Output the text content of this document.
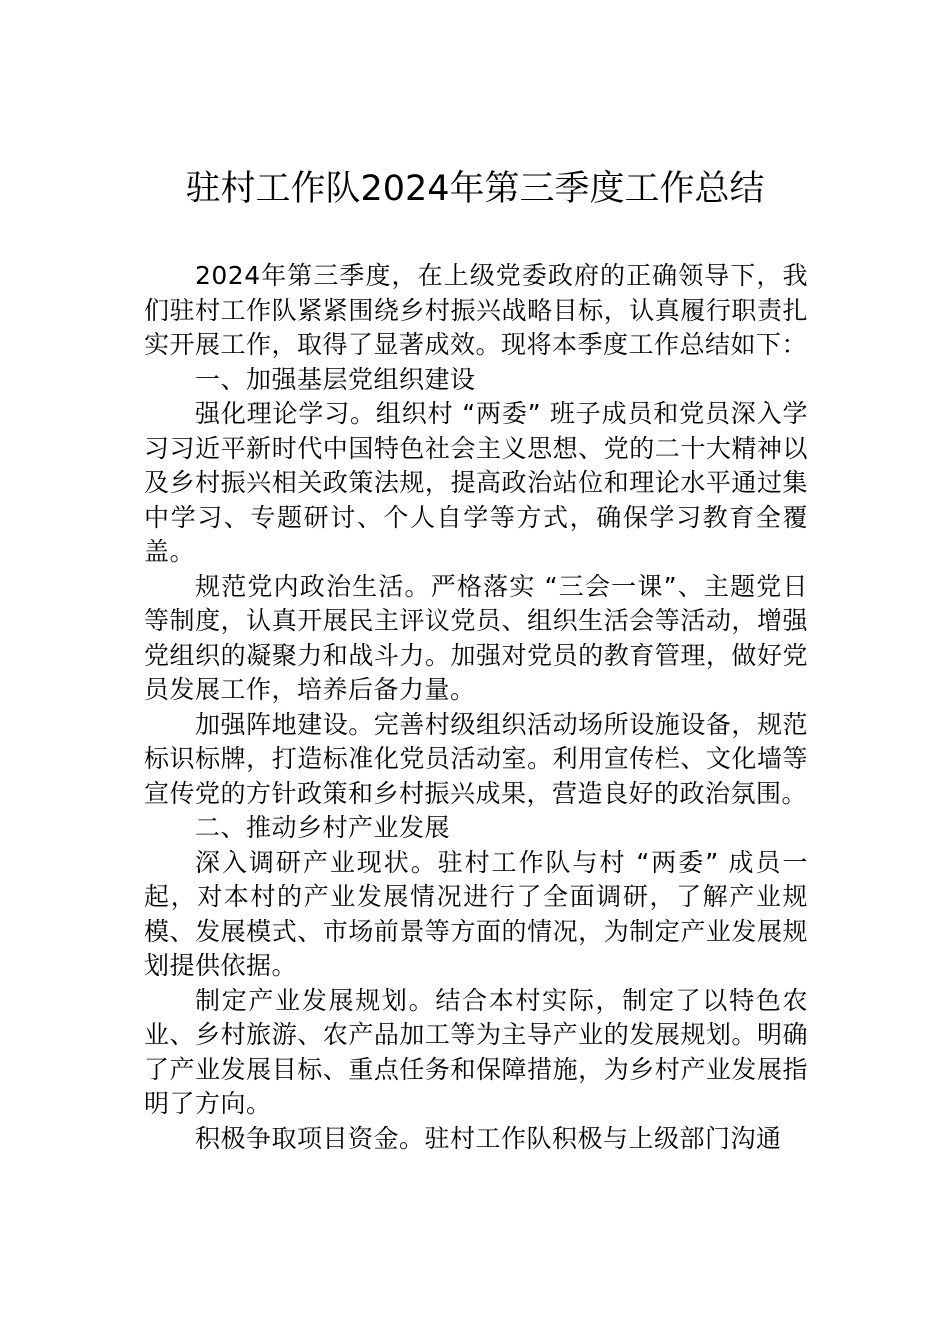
驻村工作队2024年第三季度工作总结

2024年第三季度，在上级党委政府的正确领导下，我们驻村工作队紧紧围绕乡村振兴战略目标，认真履行职责扎实开展工作，取得了显著成效。现将本季度工作总结如下：

一、加强基层党组织建设

强化理论学习。组织村 “两委” 班子成员和党员深入学习习近平新时代中国特色社会主义思想、党的二十大精神以及乡村振兴相关政策法规，提高政治站位和理论水平通过集中学习、专题研讨、个人自学等方式，确保学习教育全覆盖。

规范党内政治生活。严格落实 “三会一课”、主题党日等制度，认真开展民主评议党员、组织生活会等活动，增强党组织的凝聚力和战斗力。加强对党员的教育管理，做好党员发展工作，培养后备力量。

加强阵地建设。完善村级组织活动场所设施设备，规范标识标牌，打造标准化党员活动室。利用宣传栏、文化墙等宣传党的方针政策和乡村振兴成果，营造良好的政治氛围。

二、推动乡村产业发展

深入调研产业现状。驻村工作队与村 “两委” 成员一起，对本村的产业发展情况进行了全面调研，了解产业规模、发展模式、市场前景等方面的情况，为制定产业发展规划提供依据。

制定产业发展规划。结合本村实际，制定了以特色农业、乡村旅游、农产品加工等为主导产业的发展规划。明确了产业发展目标、重点任务和保障措施，为乡村产业发展指明了方向。

积极争取项目资金。驻村工作队积极与上级部门沟通
